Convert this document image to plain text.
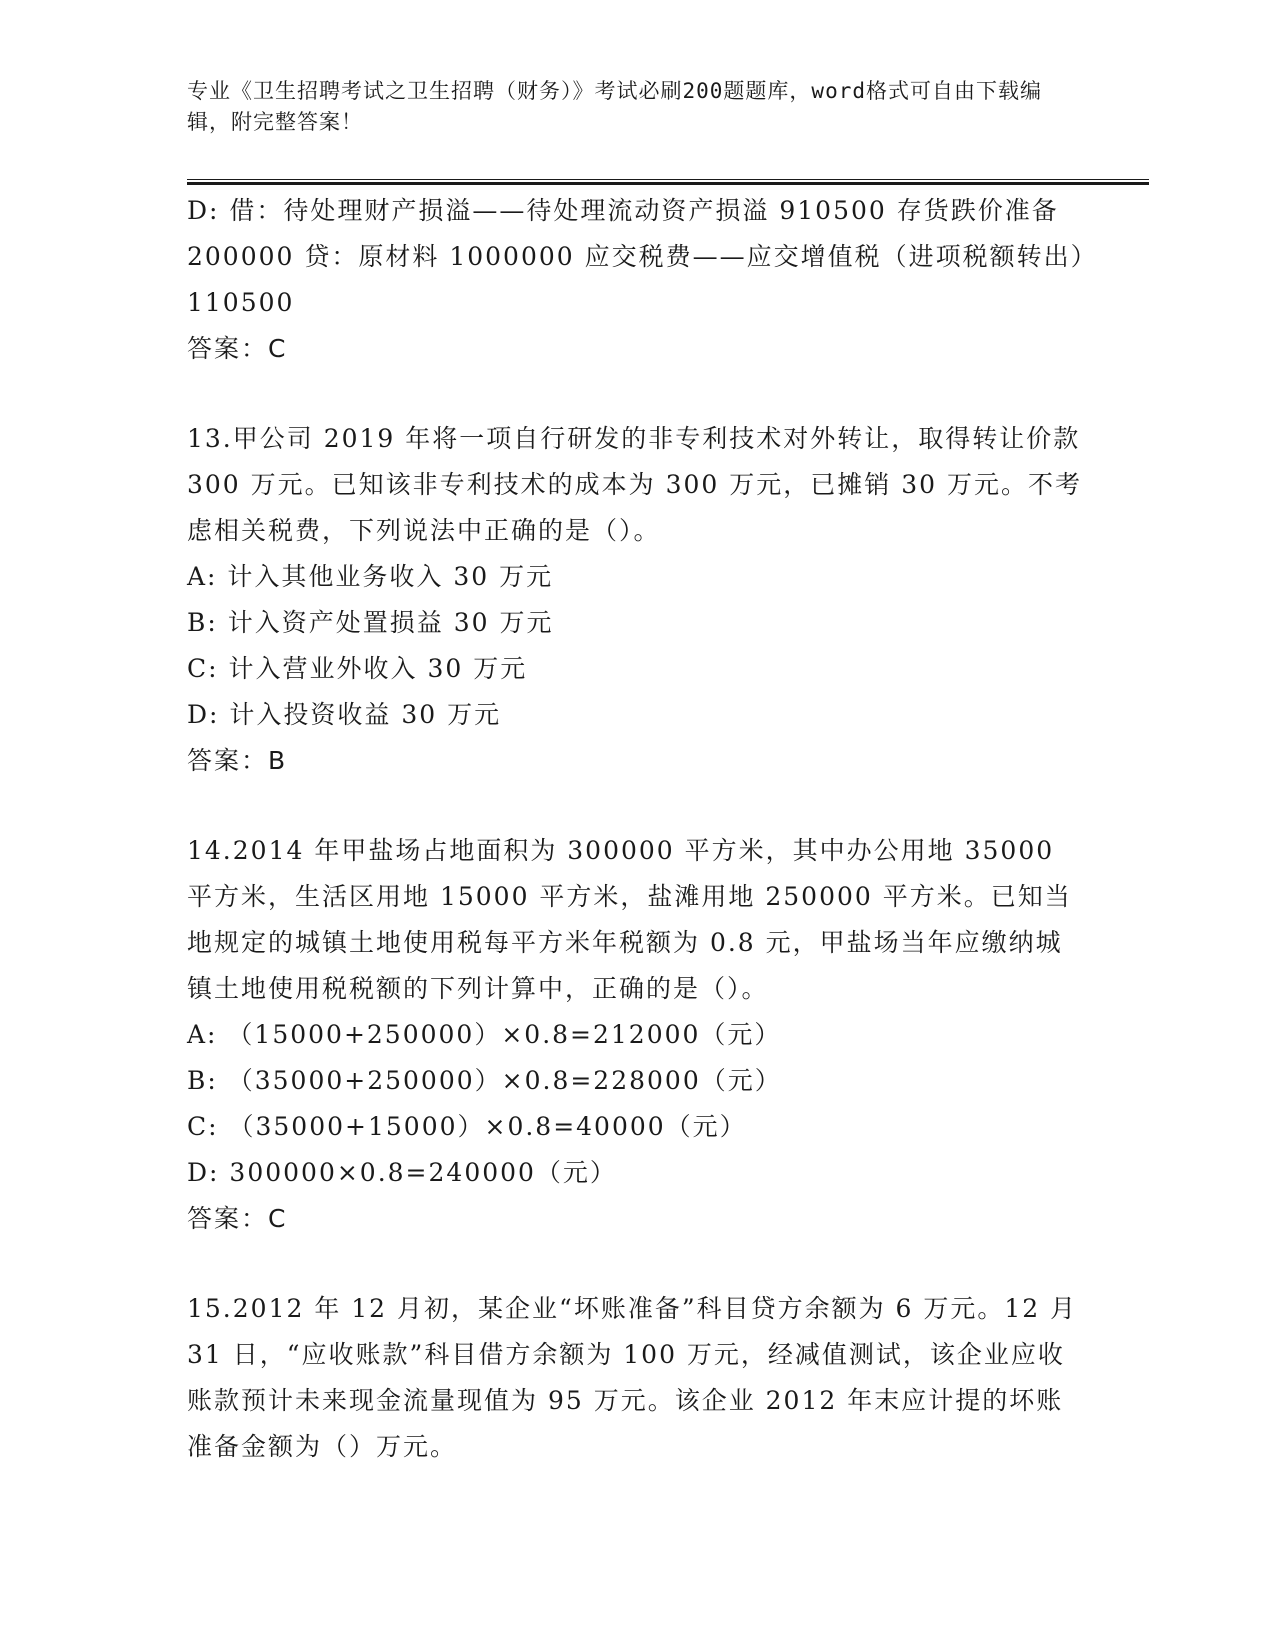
专业《卫生招聘考试之卫生招聘（财务）》考试必刷200题题库，word格式可自由下载编辑，附完整答案！

D: 借：待处理财产损溢——待处理流动资产损溢 910500 存货跌价准备 200000 贷：原材料 1000000 应交税费——应交增值税（进项税额转出）110500

答案：C

13.甲公司 2019 年将一项自行研发的非专利技术对外转让，取得转让价款 300 万元。已知该非专利技术的成本为 300 万元，已摊销 30 万元。不考虑相关税费，下列说法中正确的是（）。

A: 计入其他业务收入 30 万元

B: 计入资产处置损益 30 万元

C: 计入营业外收入 30 万元

D: 计入投资收益 30 万元

答案：B

14.2014 年甲盐场占地面积为 300000 平方米，其中办公用地 35000 平方米，生活区用地 15000 平方米，盐滩用地 250000 平方米。已知当地规定的城镇土地使用税每平方米年税额为 0.8 元，甲盐场当年应缴纳城镇土地使用税税额的下列计算中，正确的是（）。

A: （15000+250000）×0.8=212000（元）

B: （35000+250000）×0.8=228000（元）

C: （35000+15000）×0.8=40000（元）

D: 300000×0.8=240000（元）

答案：C

15.2012 年 12 月初，某企业“坏账准备”科目贷方余额为 6 万元。12 月 31 日，“应收账款”科目借方余额为 100 万元，经减值测试，该企业应收账款预计未来现金流量现值为 95 万元。该企业 2012 年末应计提的坏账准备金额为（）万元。
